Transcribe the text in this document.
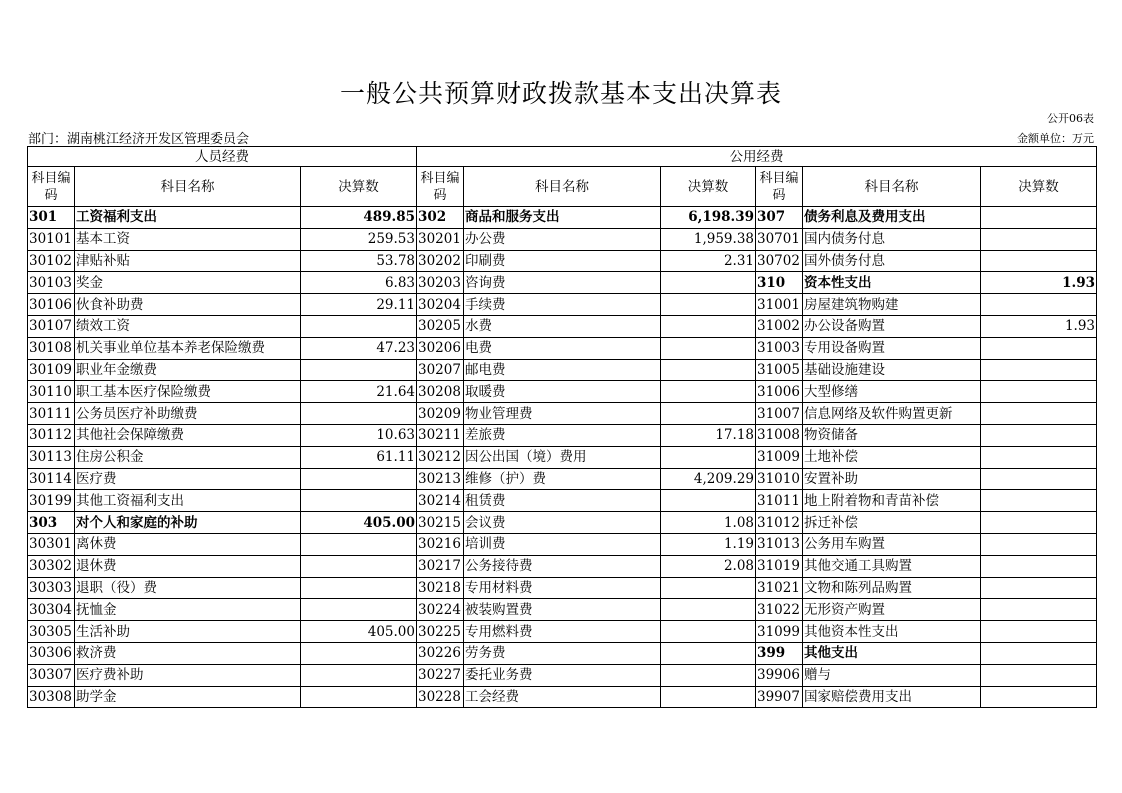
一般公共预算财政拨款基本支出决算表
公开06表
部门：湖南桃江经济开发区管理委员会	金额单位：万元
人员经费			公用经费					
科目编码	科目名称	决算数	科目编码	科目名称	决算数	科目编码	科目名称	决算数
301	工资福利支出	489.85	302	商品和服务支出	6,198.39	307	债务利息及费用支出	
30101	基本工资	259.53	30201	办公费	1,959.38	30701	国内债务付息	
30102	津贴补贴	53.78	30202	印刷费	2.31	30702	国外债务付息	
30103	奖金	6.83	30203	咨询费		310	资本性支出	1.93
30106	伙食补助费	29.11	30204	手续费		31001	房屋建筑物购建	
30107	绩效工资		30205	水费		31002	办公设备购置	1.93
30108	机关事业单位基本养老保险缴费	47.23	30206	电费		31003	专用设备购置	
30109	职业年金缴费		30207	邮电费		31005	基础设施建设	
30110	职工基本医疗保险缴费	21.64	30208	取暖费		31006	大型修缮	
30111	公务员医疗补助缴费		30209	物业管理费		31007	信息网络及软件购置更新	
30112	其他社会保障缴费	10.63	30211	差旅费	17.18	31008	物资储备	
30113	住房公积金	61.11	30212	因公出国（境）费用		31009	土地补偿	
30114	医疗费		30213	维修（护）费	4,209.29	31010	安置补助	
30199	其他工资福利支出		30214	租赁费		31011	地上附着物和青苗补偿	
303	对个人和家庭的补助	405.00	30215	会议费	1.08	31012	拆迁补偿	
30301	离休费		30216	培训费	1.19	31013	公务用车购置	
30302	退休费		30217	公务接待费	2.08	31019	其他交通工具购置	
30303	退职（役）费		30218	专用材料费		31021	文物和陈列品购置	
30304	抚恤金		30224	被装购置费		31022	无形资产购置	
30305	生活补助	405.00	30225	专用燃料费		31099	其他资本性支出	
30306	救济费		30226	劳务费		399	其他支出	
30307	医疗费补助		30227	委托业务费		39906	赠与	
30308	助学金		30228	工会经费		39907	国家赔偿费用支出	
